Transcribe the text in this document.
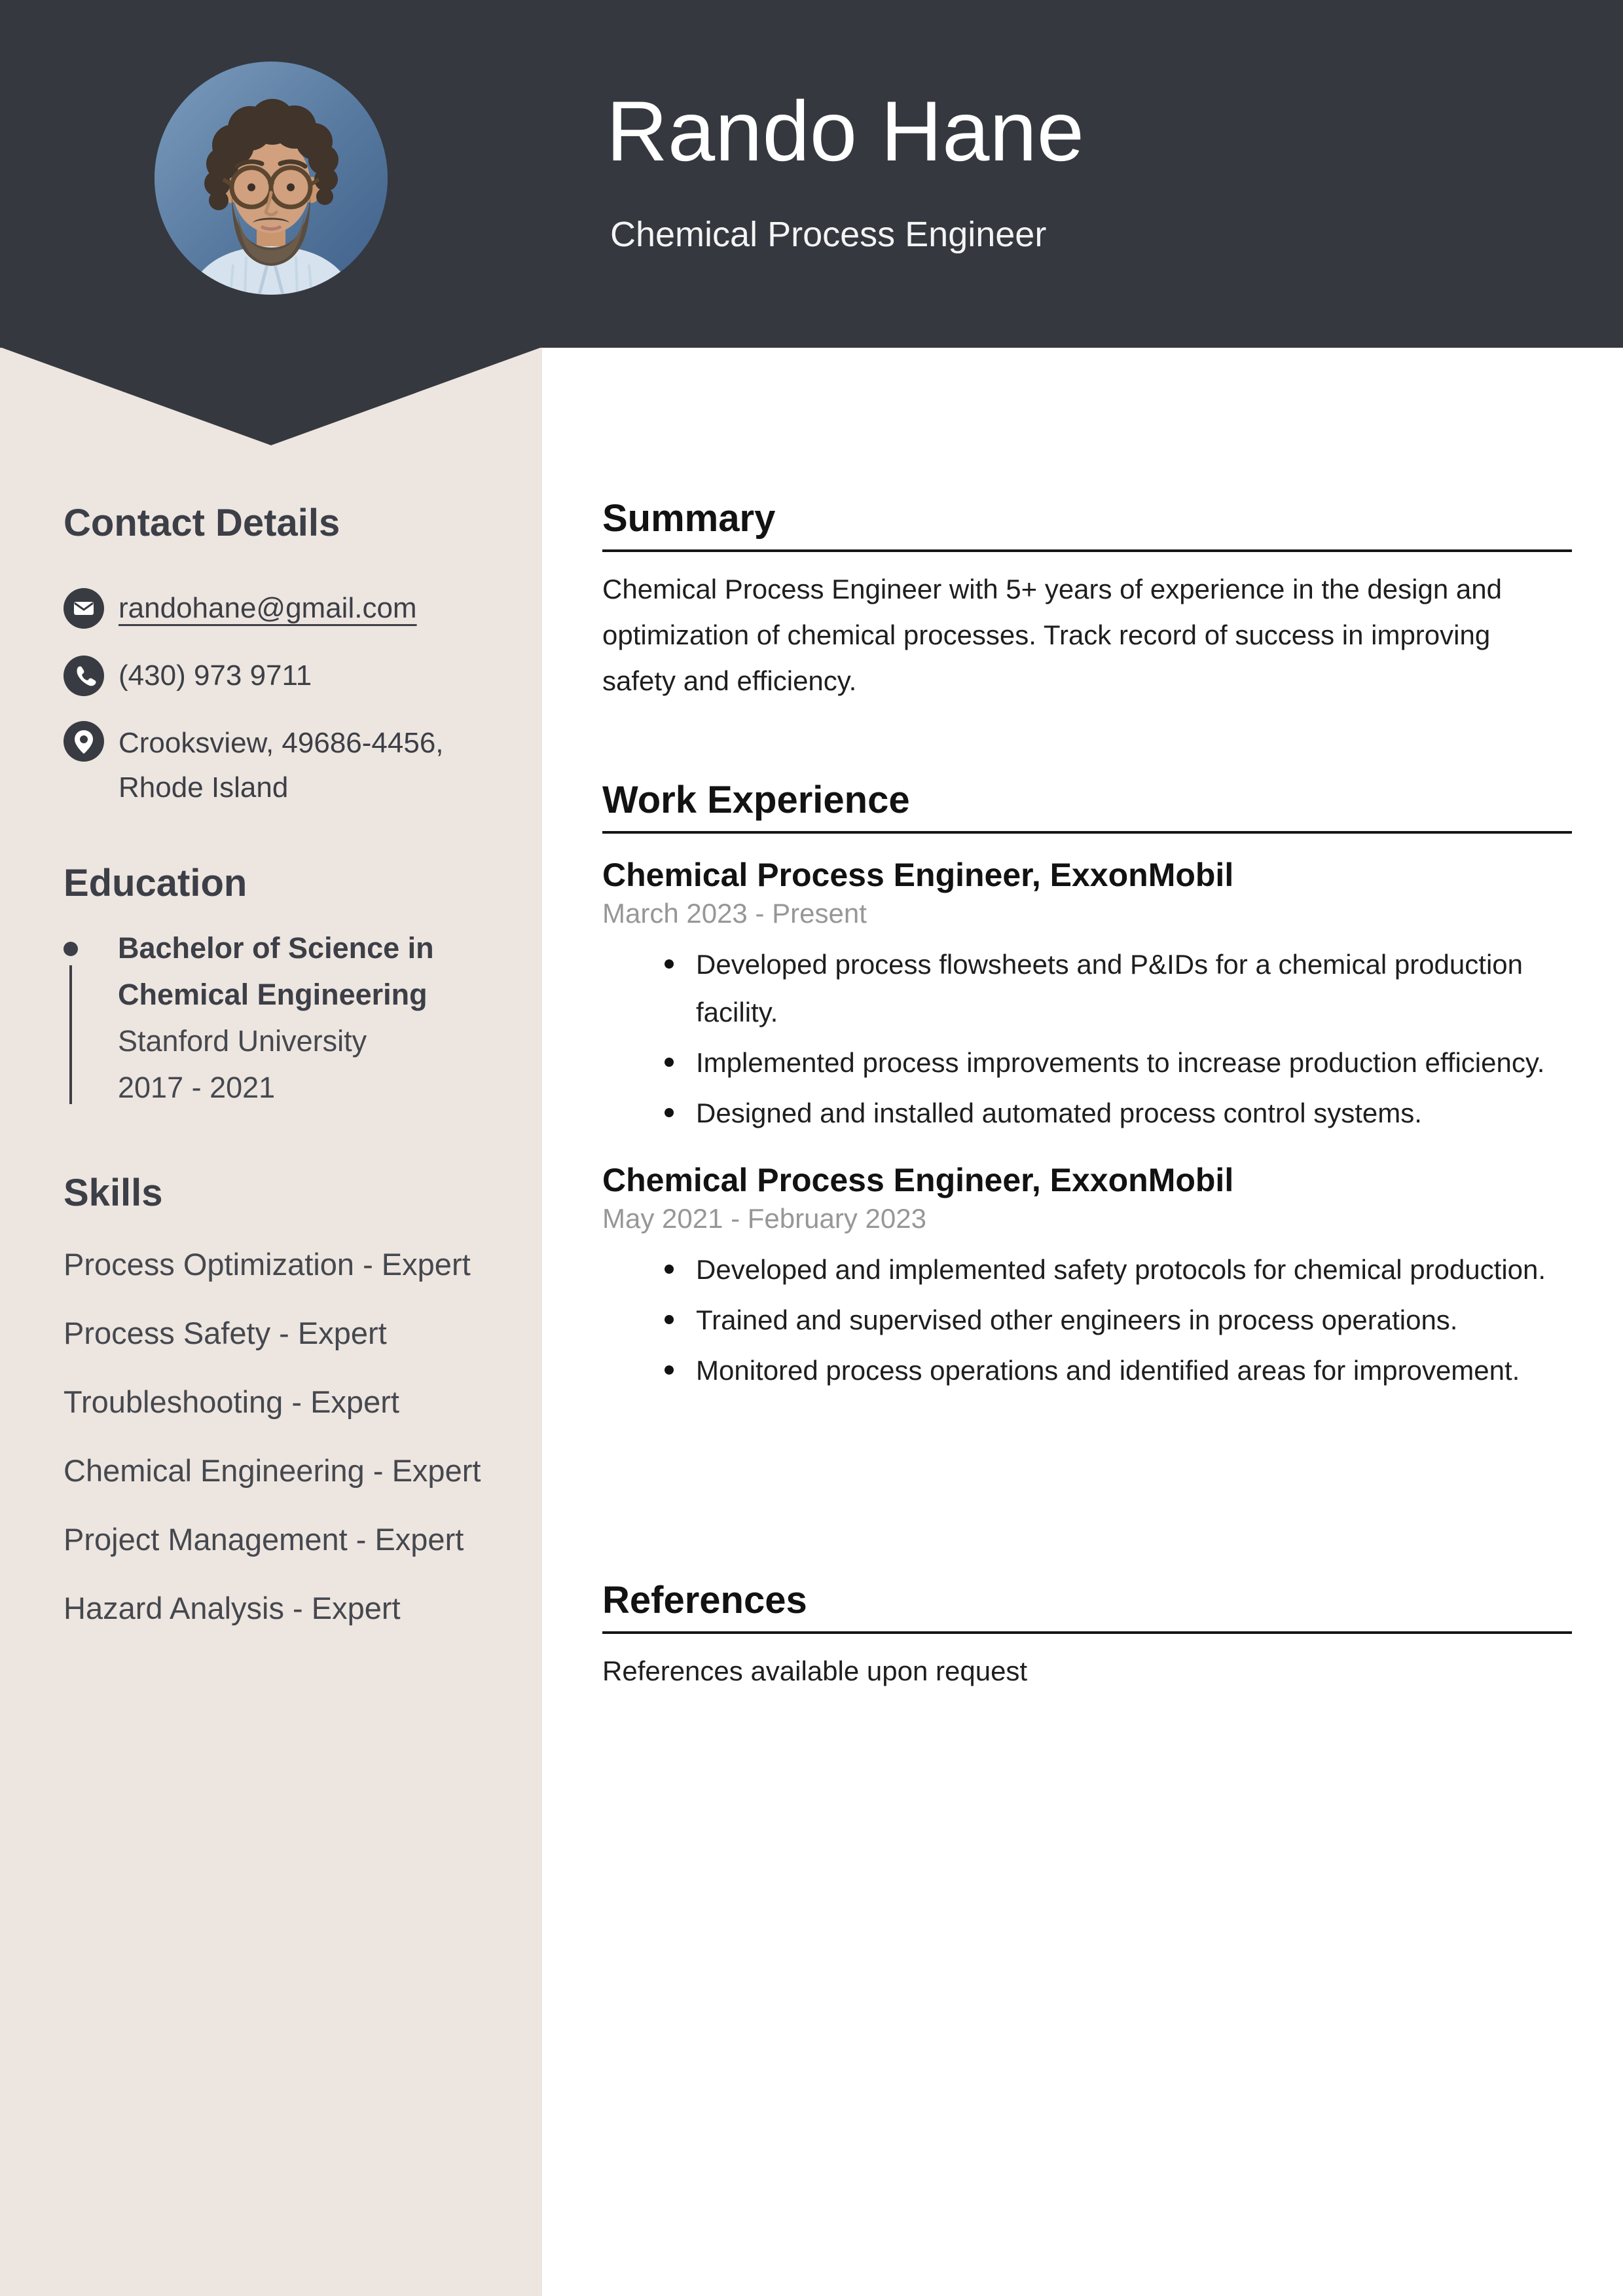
Rando Hane
Chemical Process Engineer
Contact Details
randohane@gmail.com
(430) 973 9711
Crooksview, 49686-4456,
Rhode Island
Education
Bachelor of Science in Chemical Engineering
Stanford University
2017 - 2021
Skills
Process Optimization - Expert
Process Safety - Expert
Troubleshooting - Expert
Chemical Engineering - Expert
Project Management - Expert
Hazard Analysis - Expert
Summary

Chemical Process Engineer with 5+ years of experience in the design and optimization of chemical processes. Track record of success in improving safety and efficiency.

Work Experience
Chemical Process Engineer, ExxonMobil
March 2023 - Present
Developed process flowsheets and P&IDs for a chemical production facility.
Implemented process improvements to increase production efficiency.
Designed and installed automated process control systems.
Chemical Process Engineer, ExxonMobil
May 2021 - February 2023
Developed and implemented safety protocols for chemical production.
Trained and supervised other engineers in process operations.
Monitored process operations and identified areas for improvement.
References

References available upon request
